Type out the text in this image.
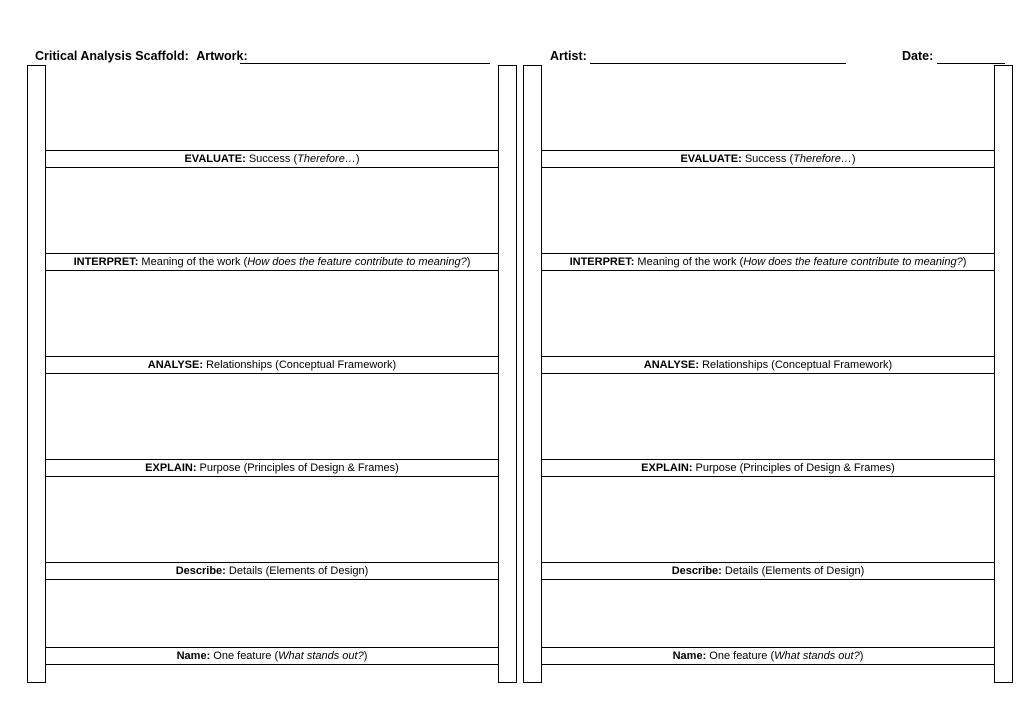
Critical Analysis Scaffold: Artwork:	Artist:	Date:
EVALUATE: Success (Therefore…)
INTERPRET: Meaning of the work (How does the feature contribute to meaning?)
ANALYSE: Relationships (Conceptual Framework)
EXPLAIN: Purpose (Principles of Design & Frames)
Describe: Details (Elements of Design)
Name: One feature (What stands out?)
EVALUATE: Success (Therefore…)
INTERPRET: Meaning of the work (How does the feature contribute to meaning?)
ANALYSE: Relationships (Conceptual Framework)
EXPLAIN: Purpose (Principles of Design & Frames)
Describe: Details (Elements of Design)
Name: One feature (What stands out?)
